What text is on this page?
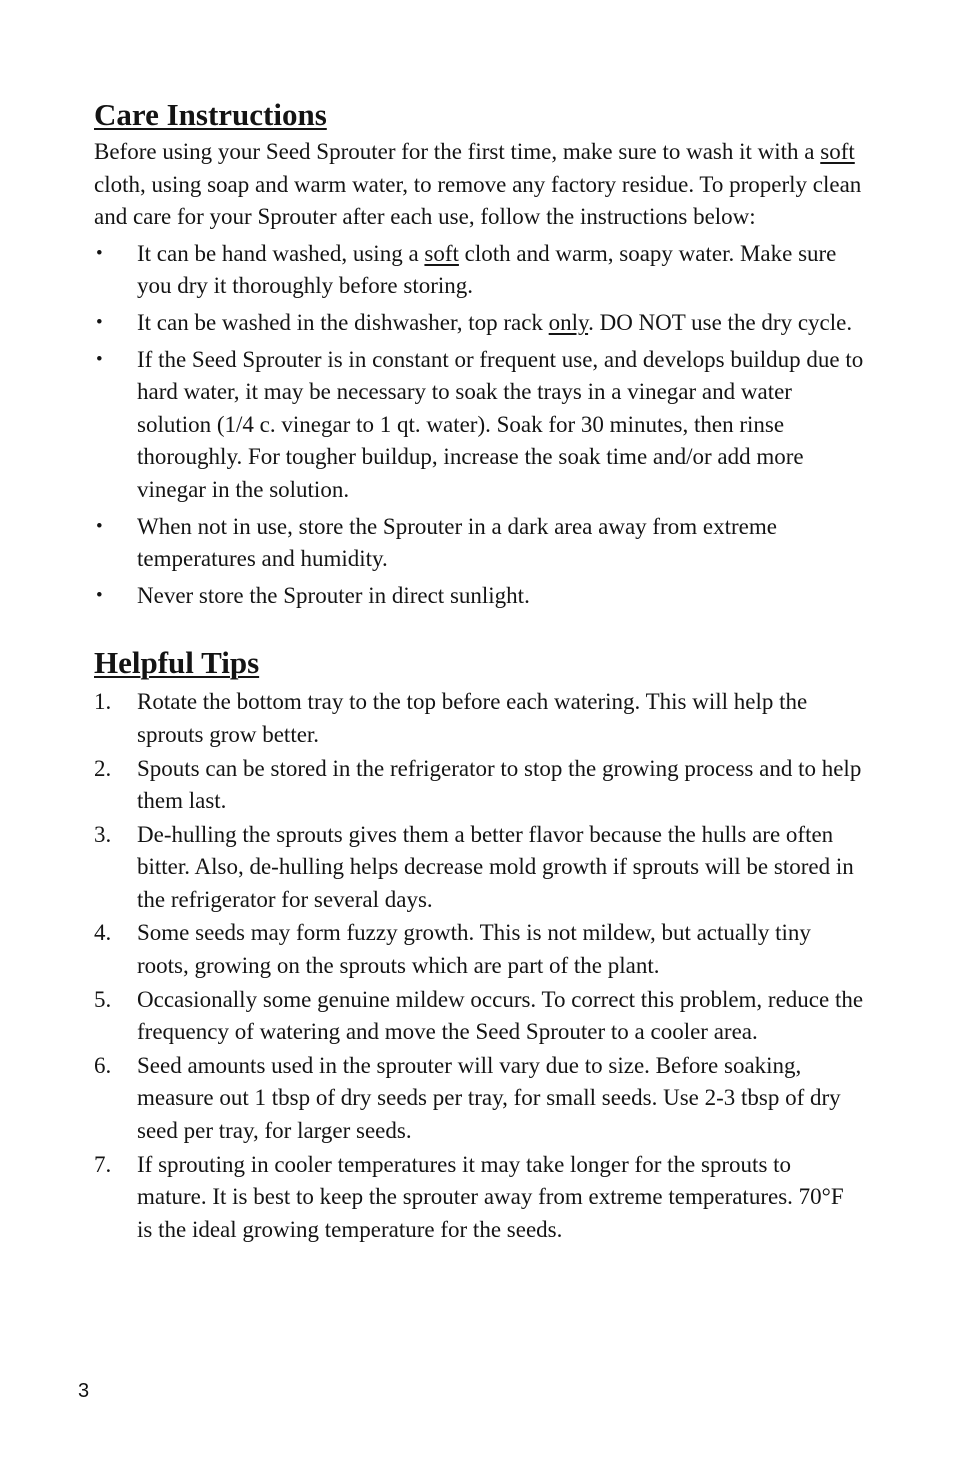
Care Instructions

Before using your Seed Sprouter for the first time, make sure to wash it with a soft cloth, using soap and warm water, to remove any factory residue. To properly clean and care for your Sprouter after each use, follow the instructions below:

•	It can be hand washed, using a soft cloth and warm, soapy water. Make sure you dry it thoroughly before storing.
•	It can be washed in the dishwasher, top rack only. DO NOT use the dry cycle.
•	If the Seed Sprouter is in constant or frequent use, and develops buildup due to hard water, it may be necessary to soak the trays in a vinegar and water solution (1/4 c. vinegar to 1 qt. water). Soak for 30 minutes, then rinse thoroughly. For tougher buildup, increase the soak time and/or add more vinegar in the solution.
•	When not in use, store the Sprouter in a dark area away from extreme temperatures and humidity.
•	Never store the Sprouter in direct sunlight.
Helpful Tips
1.	Rotate the bottom tray to the top before each watering. This will help the sprouts grow better.
2.	Spouts can be stored in the refrigerator to stop the growing process and to help them last.
3.	De-hulling the sprouts gives them a better flavor because the hulls are often bitter. Also, de-hulling helps decrease mold growth if sprouts will be stored in the refrigerator for several days.
4.	Some seeds may form fuzzy growth. This is not mildew, but actually tiny roots, growing on the sprouts which are part of the plant.
5.	Occasionally some genuine mildew occurs. To correct this problem, reduce the frequency of watering and move the Seed Sprouter to a cooler area.
6.	Seed amounts used in the sprouter will vary due to size. Before soaking, measure out 1 tbsp of dry seeds per tray, for small seeds. Use 2-3 tbsp of dry seed per tray, for larger seeds.
7.	If sprouting in cooler temperatures it may take longer for the sprouts to mature. It is best to keep the sprouter away from extreme temperatures. 70°F is the ideal growing temperature for the seeds.
3
